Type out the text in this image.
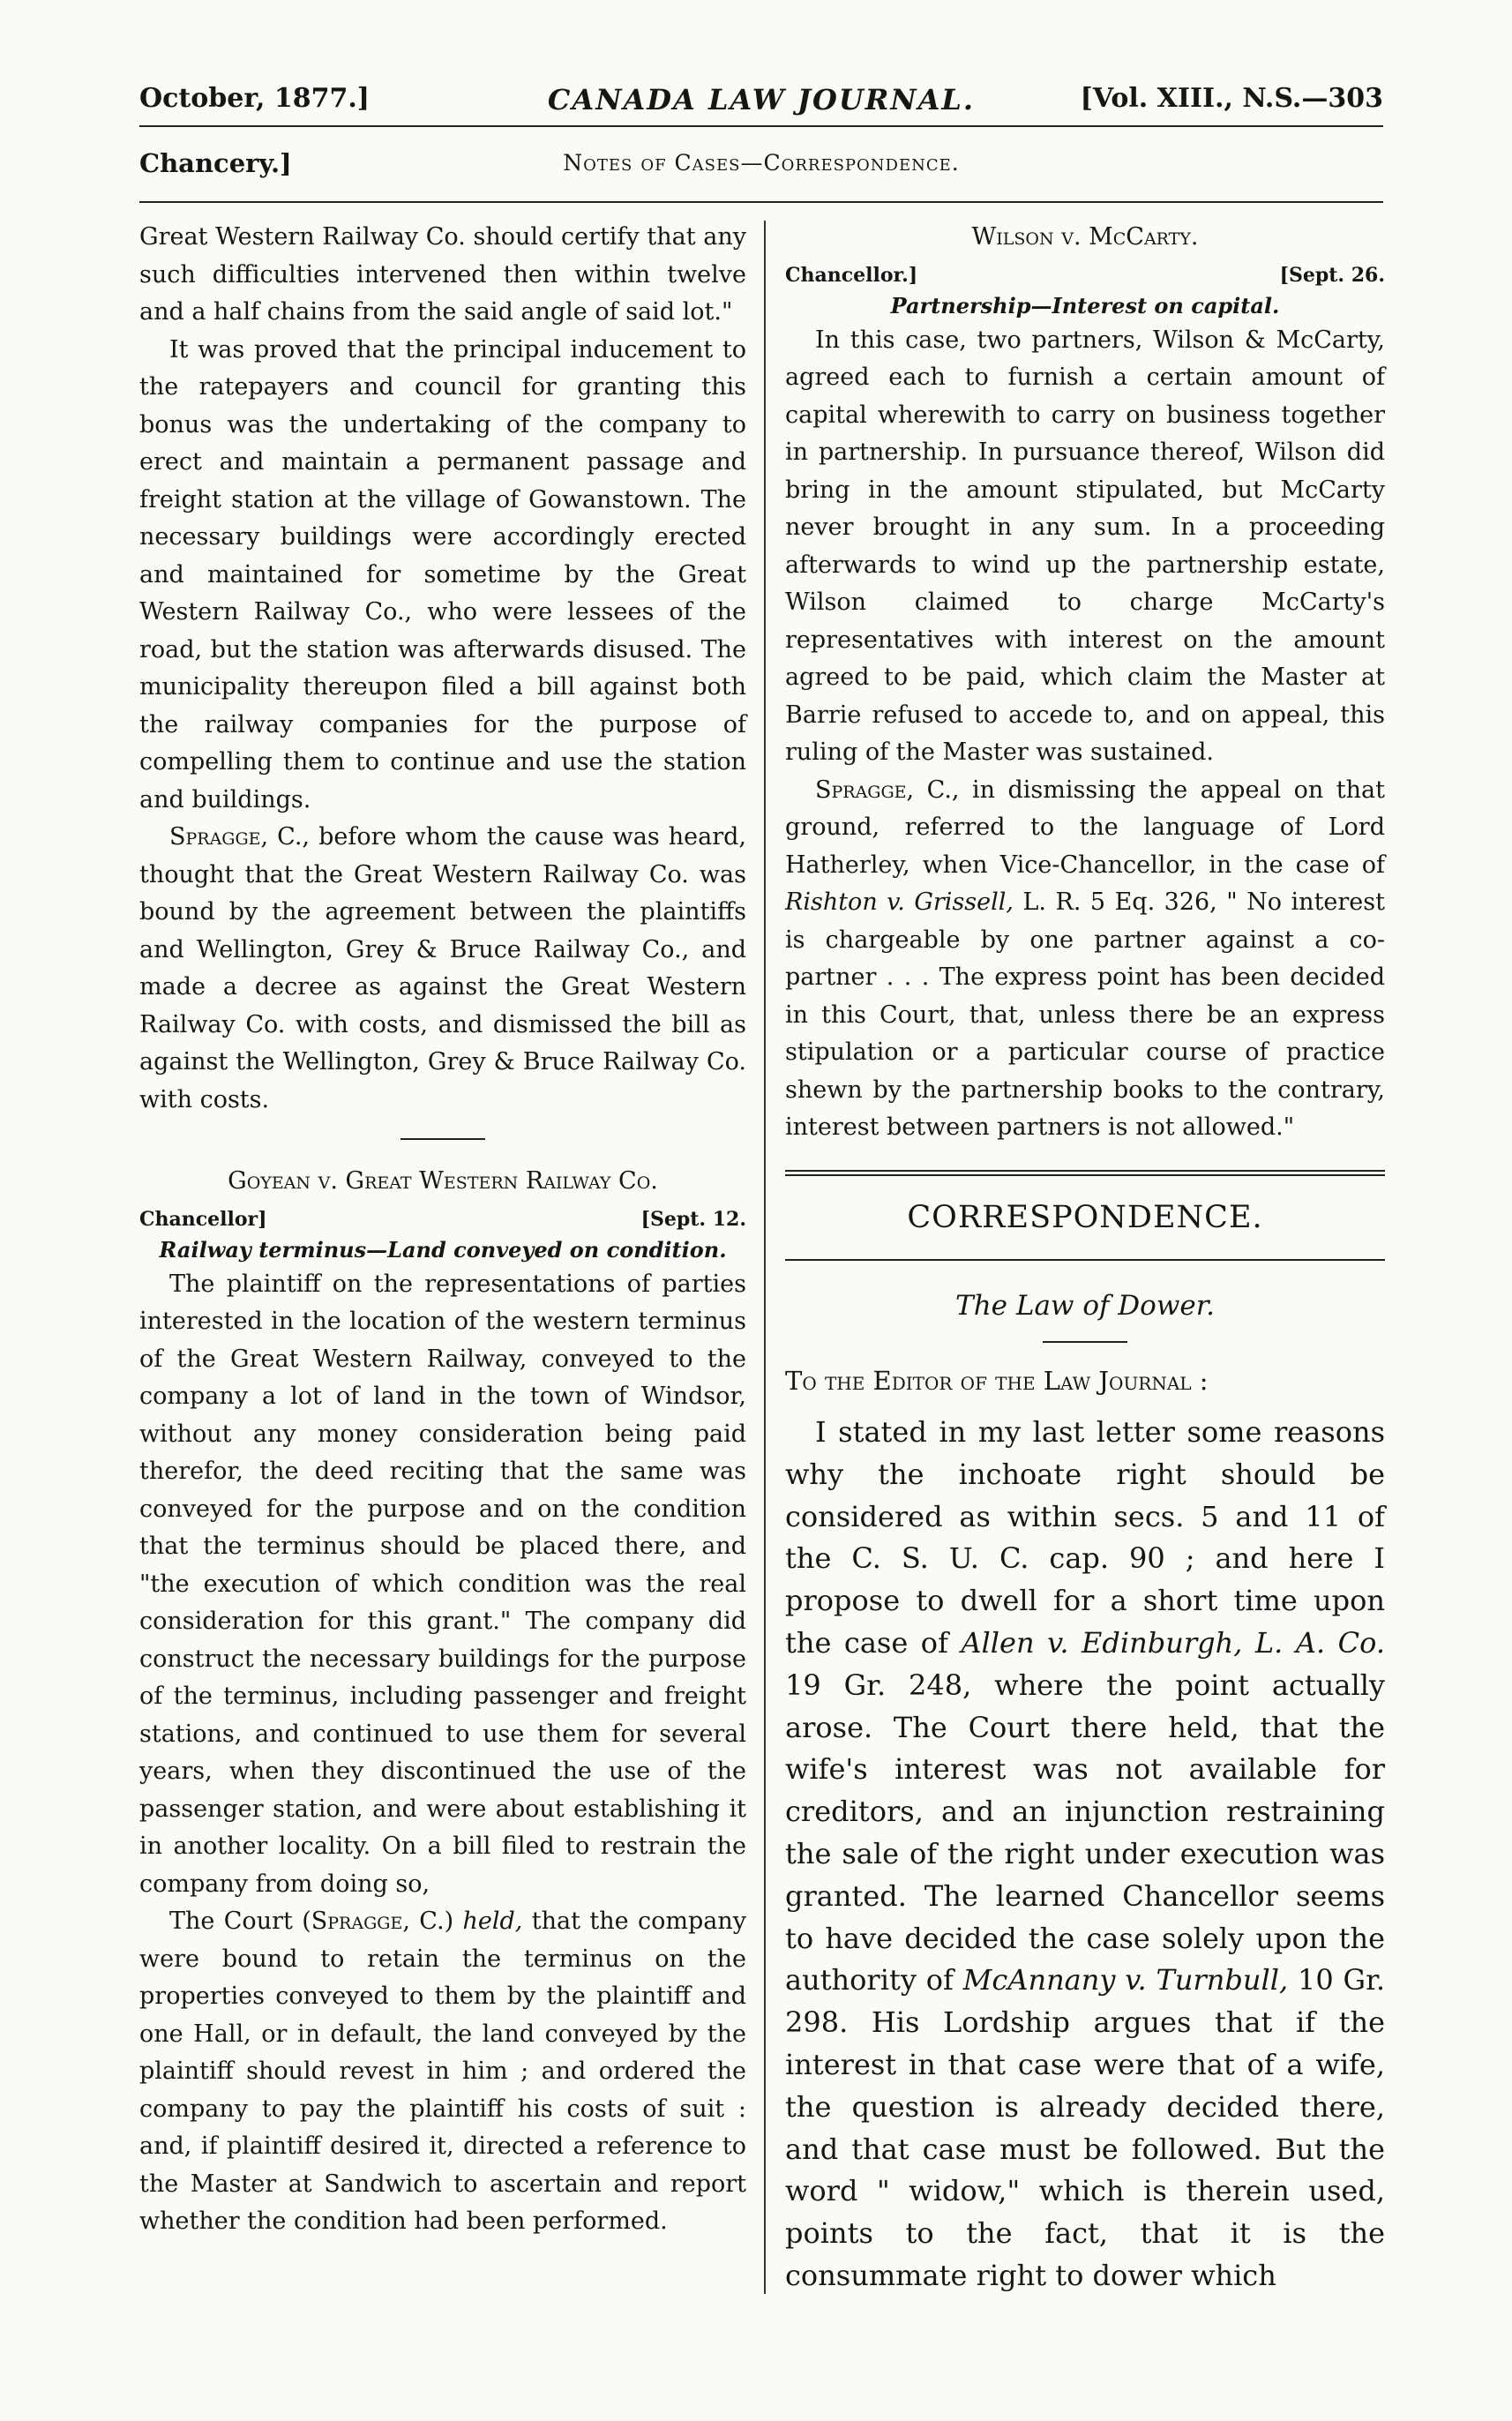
October, 1877.]	CANADA LAW JOURNAL.	[Vol. XIII., N.S.—303
Chancery.]	Notes of Cases—Correspondence.

Great Western Railway Co. should certify that any such difficulties intervened then within twelve and a half chains from the said angle of said lot."

It was proved that the principal inducement to the ratepayers and council for granting this bonus was the undertaking of the company to erect and maintain a permanent passage and freight station at the village of Gowanstown. The necessary buildings were accordingly erected and maintained for sometime by the Great Western Railway Co., who were lessees of the road, but the station was afterwards disused. The municipality thereupon filed a bill against both the railway companies for the purpose of compelling them to continue and use the station and buildings.

Spragge, C., before whom the cause was heard, thought that the Great Western Railway Co. was bound by the agreement between the plaintiffs and Wellington, Grey & Bruce Railway Co., and made a decree as against the Great Western Railway Co. with costs, and dismissed the bill as against the Wellington, Grey & Bruce Railway Co. with costs.

Goyean v. Great Western Railway Co.
Chancellor]	[Sept. 12.
Railway terminus—Land conveyed on condition.

The plaintiff on the representations of parties interested in the location of the western terminus of the Great Western Railway, conveyed to the company a lot of land in the town of Windsor, without any money consideration being paid therefor, the deed reciting that the same was conveyed for the purpose and on the condition that the terminus should be placed there, and "the execution of which condition was the real consideration for this grant." The company did construct the necessary buildings for the purpose of the terminus, including passenger and freight stations, and continued to use them for several years, when they discontinued the use of the passenger station, and were about establishing it in another locality. On a bill filed to restrain the company from doing so,

The Court (Spragge, C.) held, that the company were bound to retain the terminus on the properties conveyed to them by the plaintiff and one Hall, or in default, the land conveyed by the plaintiff should revest in him ; and ordered the company to pay the plaintiff his costs of suit : and, if plaintiff desired it, directed a reference to the Master at Sandwich to ascertain and report whether the condition had been performed.

Wilson v. McCarty.
Chancellor.]	[Sept. 26.
Partnership—Interest on capital.

In this case, two partners, Wilson & McCarty, agreed each to furnish a certain amount of capital wherewith to carry on business together in partnership. In pursuance thereof, Wilson did bring in the amount stipulated, but McCarty never brought in any sum. In a proceeding afterwards to wind up the partnership estate, Wilson claimed to charge McCarty's representatives with interest on the amount agreed to be paid, which claim the Master at Barrie refused to accede to, and on appeal, this ruling of the Master was sustained.

Spragge, C., in dismissing the appeal on that ground, referred to the language of Lord Hatherley, when Vice-Chancellor, in the case of Rishton v. Grissell, L. R. 5 Eq. 326, " No interest is chargeable by one partner against a co-partner . . . The express point has been decided in this Court, that, unless there be an express stipulation or a particular course of practice shewn by the partnership books to the contrary, interest between partners is not allowed."

CORRESPONDENCE.
The Law of Dower.
To the Editor of the Law Journal :

I stated in my last letter some reasons why the inchoate right should be considered as within secs. 5 and 11 of the C. S. U. C. cap. 90 ; and here I propose to dwell for a short time upon the case of Allen v. Edinburgh, L. A. Co. 19 Gr. 248, where the point actually arose. The Court there held, that the wife's interest was not available for creditors, and an injunction restraining the sale of the right under execution was granted. The learned Chancellor seems to have decided the case solely upon the authority of McAnnany v. Turnbull, 10 Gr. 298. His Lordship argues that if the interest in that case were that of a wife, the question is already decided there, and that case must be followed. But the word " widow," which is therein used, points to the fact, that it is the consummate right to dower which
